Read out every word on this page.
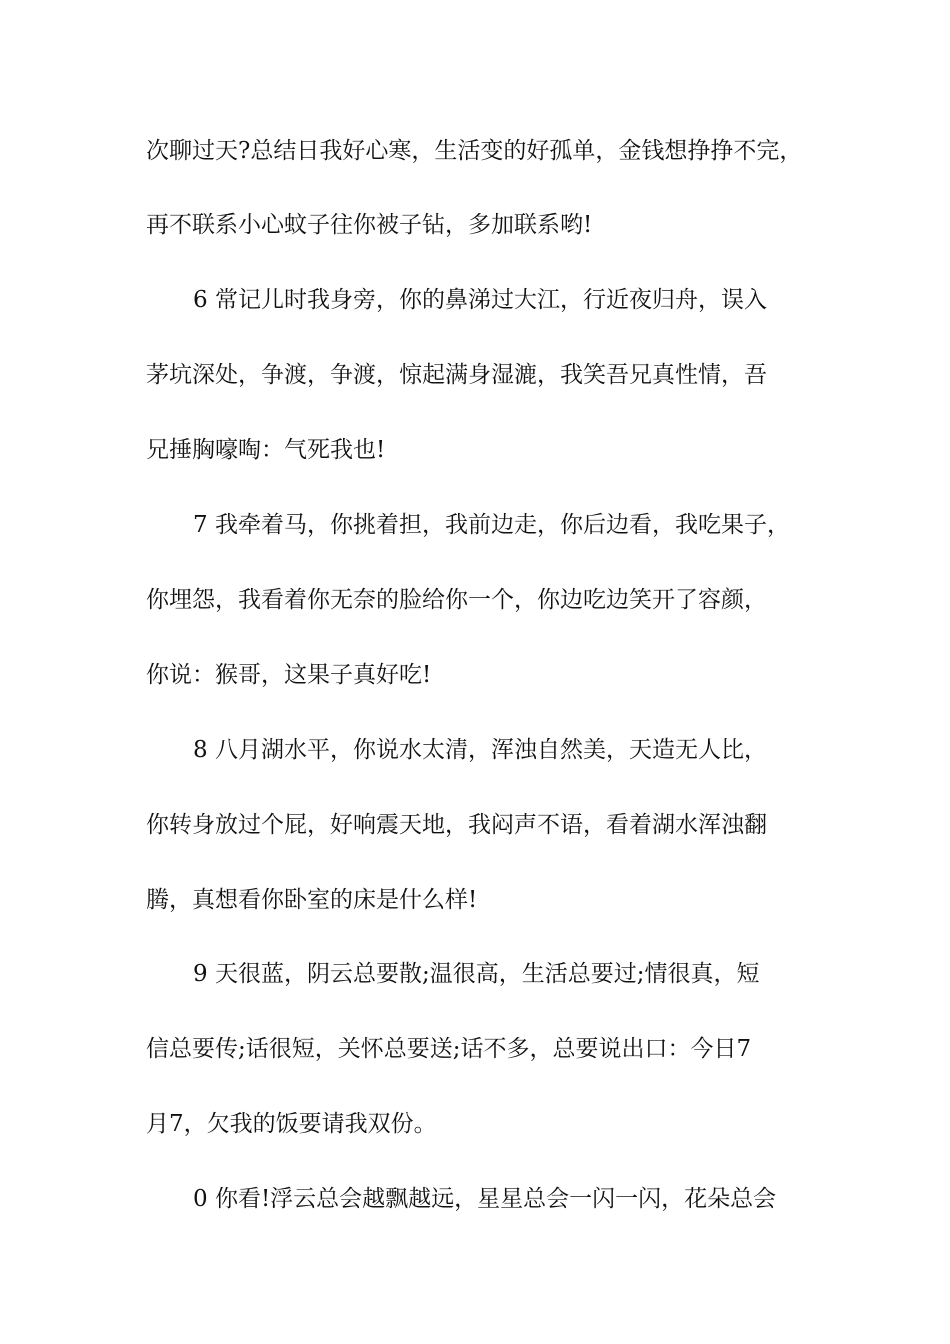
次聊过天?总结日我好心寒，生活变的好孤单，金钱想挣挣不完，

再不联系小心蚊子往你被子钻，多加联系哟!

6 常记儿时我身旁，你的鼻涕过大江，行近夜归舟，误入

茅坑深处，争渡，争渡，惊起满身湿漉，我笑吾兄真性情，吾

兄捶胸嚎啕：气死我也!

7 我牵着马，你挑着担，我前边走，你后边看，我吃果子，

你埋怨，我看着你无奈的脸给你一个，你边吃边笑开了容颜，

你说：猴哥，这果子真好吃!

8 八月湖水平，你说水太清，浑浊自然美，天造无人比，

你转身放过个屁，好响震天地，我闷声不语，看着湖水浑浊翻

腾，真想看你卧室的床是什么样!

9 天很蓝，阴云总要散;温很高，生活总要过;情很真，短

信总要传;话很短，关怀总要送;话不多，总要说出口：今日7

月7，欠我的饭要请我双份。

0 你看!浮云总会越飘越远，星星总会一闪一闪，花朵总会
